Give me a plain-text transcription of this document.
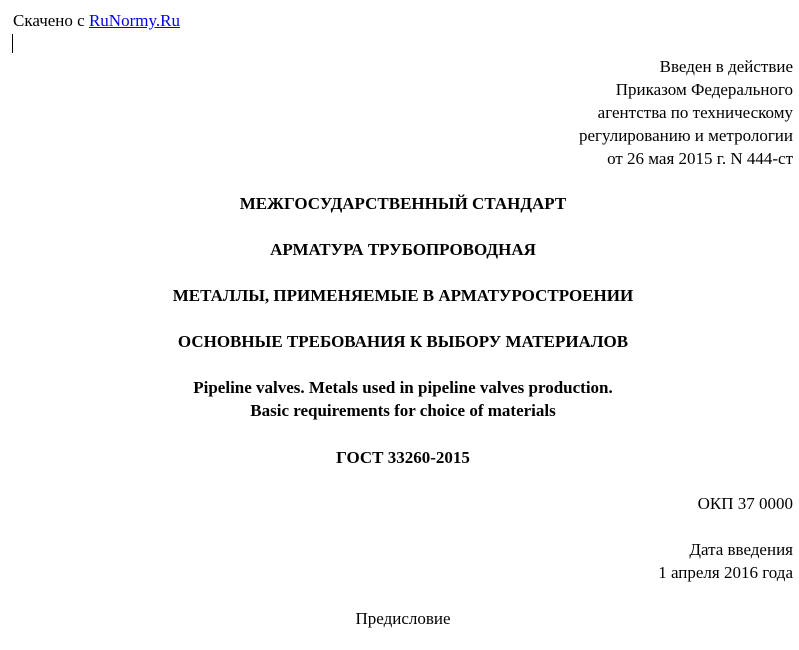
Скачено с RuNormy.Ru
Введен в действие
Приказом Федерального
агентства по техническому
регулированию и метрологии
от 26 мая 2015 г. N 444-ст
МЕЖГОСУДАРСТВЕННЫЙ СТАНДАРТ
АРМАТУРА ТРУБОПРОВОДНАЯ
МЕТАЛЛЫ, ПРИМЕНЯЕМЫЕ В АРМАТУРОСТРОЕНИИ
ОСНОВНЫЕ ТРЕБОВАНИЯ К ВЫБОРУ МАТЕРИАЛОВ
Pipeline valves. Metals used in pipeline valves production.
Basic requirements for choice of materials
ГОСТ 33260-2015
ОКП 37 0000
Дата введения
1 апреля 2016 года
Предисловие
